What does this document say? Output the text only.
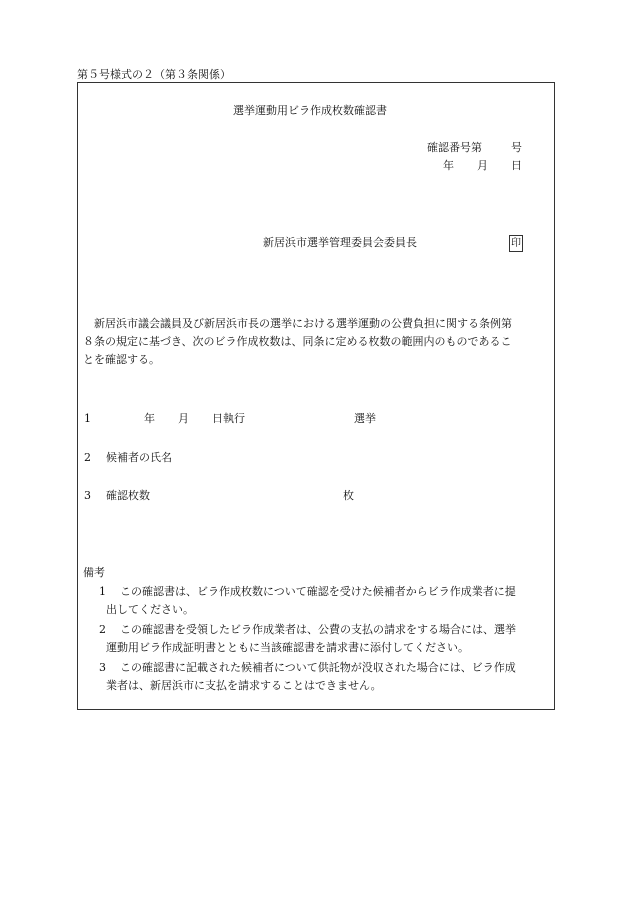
第５号様式の２（第３条関係）
選挙運動用ビラ作成枚数確認書
確認番号第	号
年 月 日
新居浜市選挙管理委員会委員長	印
新居浜市議会議員及び新居浜市長の選挙における選挙運動の公費負担に関する条例第
８条の規定に基づき、次のビラ作成枚数は、同条に定める枚数の範囲内のものであるこ
とを確認する。
1	年 月 日執行	選挙
2 候補者の氏名
3 確認枚数	枚
備考
1 この確認書は、ビラ作成枚数について確認を受けた候補者からビラ作成業者に提
出してください。
2 この確認書を受領したビラ作成業者は、公費の支払の請求をする場合には、選挙
運動用ビラ作成証明書とともに当該確認書を請求書に添付してください。
3 この確認書に記載された候補者について供託物が没収された場合には、ビラ作成
業者は、新居浜市に支払を請求することはできません。
